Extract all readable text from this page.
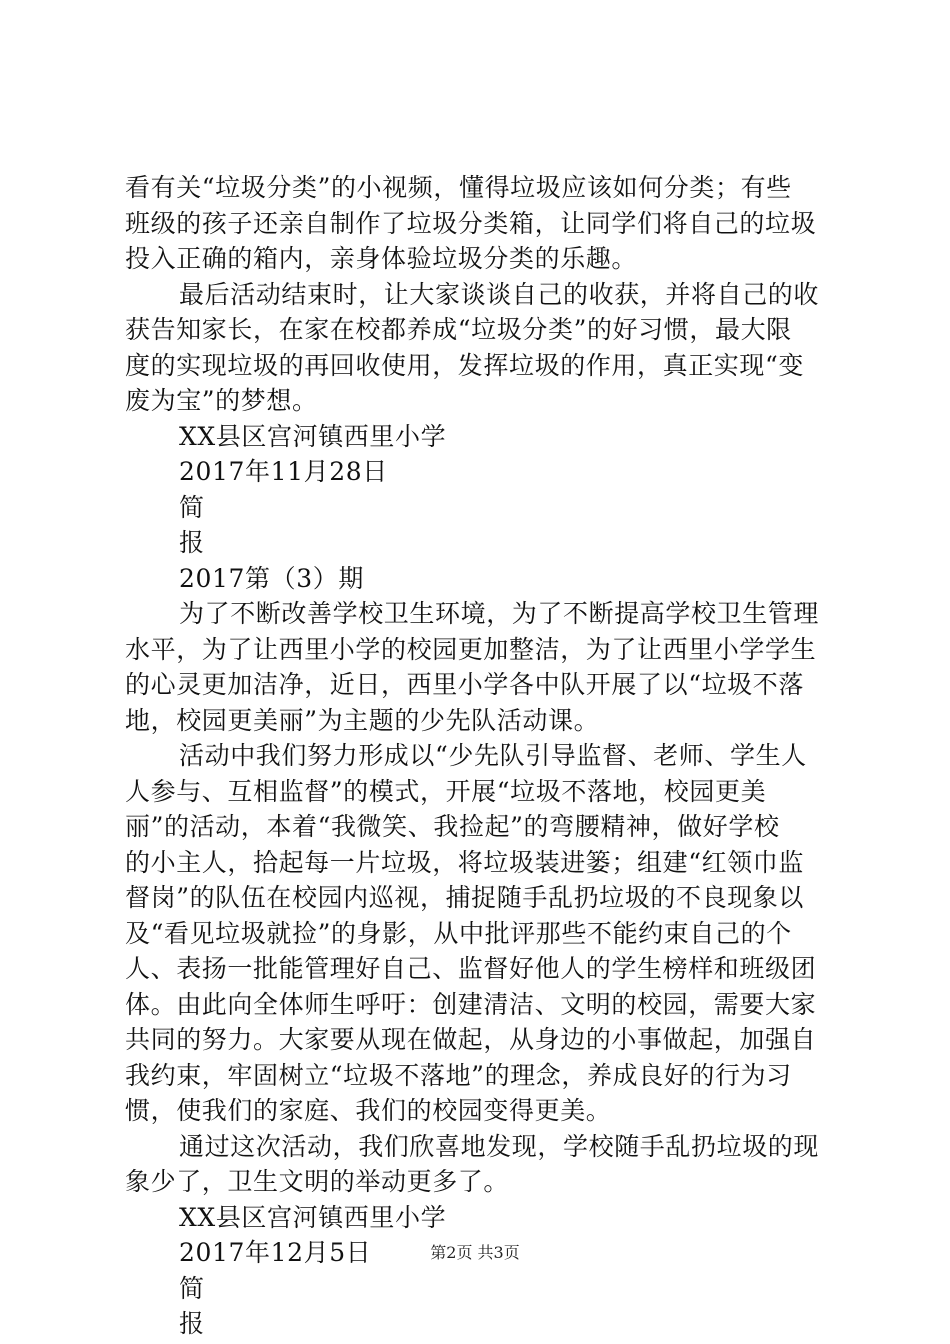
看有关“垃圾分类”的小视频，懂得垃圾应该如何分类；有些
班级的孩子还亲自制作了垃圾分类箱，让同学们将自己的垃圾
投入正确的箱内，亲身体验垃圾分类的乐趣。
最后活动结束时，让大家谈谈自己的收获，并将自己的收
获告知家长，在家在校都养成“垃圾分类”的好习惯，最大限
度的实现垃圾的再回收使用，发挥垃圾的作用，真正实现“变
废为宝”的梦想。
XX县区宫河镇西里小学
2017年11月28日
简
报
2017第（3）期
为了不断改善学校卫生环境，为了不断提高学校卫生管理
水平，为了让西里小学的校园更加整洁，为了让西里小学学生
的心灵更加洁净，近日，西里小学各中队开展了以“垃圾不落
地，校园更美丽”为主题的少先队活动课。
活动中我们努力形成以“少先队引导监督、老师、学生人
人参与、互相监督”的模式，开展“垃圾不落地，校园更美
丽”的活动，本着“我微笑、我捡起”的弯腰精神，做好学校
的小主人，拾起每一片垃圾，将垃圾装进篓；组建“红领巾监
督岗”的队伍在校园内巡视，捕捉随手乱扔垃圾的不良现象以
及“看见垃圾就捡”的身影，从中批评那些不能约束自己的个
人、表扬一批能管理好自己、监督好他人的学生榜样和班级团
体。由此向全体师生呼吁：创建清洁、文明的校园，需要大家
共同的努力。大家要从现在做起，从身边的小事做起，加强自
我约束，牢固树立“垃圾不落地”的理念，养成良好的行为习
惯，使我们的家庭、我们的校园变得更美。
通过这次活动，我们欣喜地发现，学校随手乱扔垃圾的现
象少了，卫生文明的举动更多了。
XX县区宫河镇西里小学
2017年12月5日
简
报
第2页 共3页
